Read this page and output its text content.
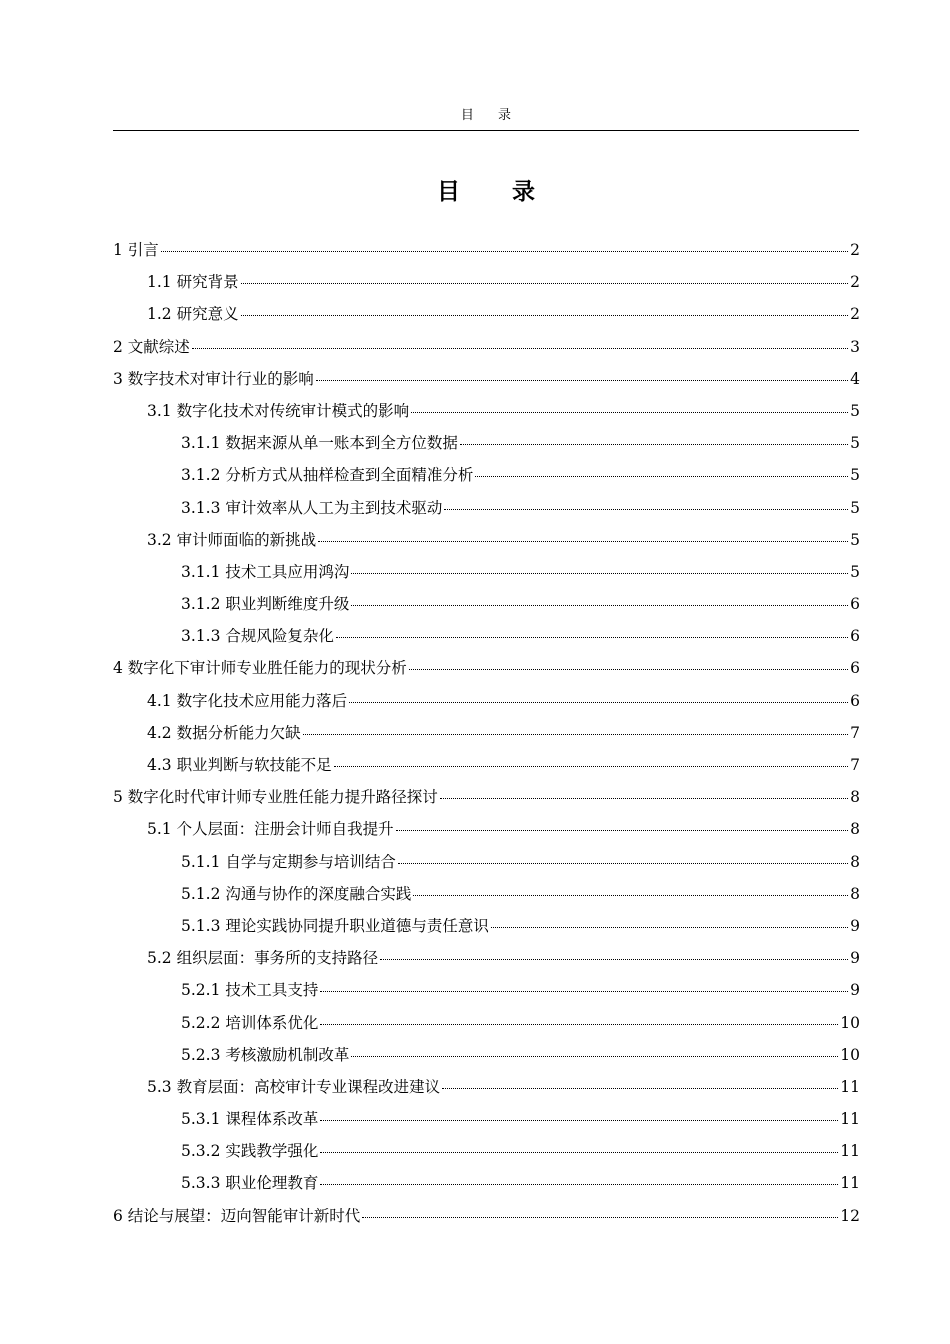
目 录
目 录
1 引言	2
1.1 研究背景	2
1.2 研究意义	2
2 文献综述	3
3 数字技术对审计行业的影响	4
3.1 数字化技术对传统审计模式的影响	5
3.1.1 数据来源从单一账本到全方位数据	5
3.1.2 分析方式从抽样检查到全面精准分析	5
3.1.3 审计效率从人工为主到技术驱动	5
3.2 审计师面临的新挑战	5
3.1.1 技术工具应用鸿沟	5
3.1.2 职业判断维度升级	6
3.1.3 合规风险复杂化	6
4 数字化下审计师专业胜任能力的现状分析	6
4.1 数字化技术应用能力落后	6
4.2 数据分析能力欠缺	7
4.3 职业判断与软技能不足	7
5 数字化时代审计师专业胜任能力提升路径探讨	8
5.1 个人层面：注册会计师自我提升	8
5.1.1 自学与定期参与培训结合	8
5.1.2 沟通与协作的深度融合实践	8
5.1.3 理论实践协同提升职业道德与责任意识	9
5.2 组织层面：事务所的支持路径	9
5.2.1 技术工具支持	9
5.2.2 培训体系优化	10
5.2.3 考核激励机制改革	10
5.3 教育层面：高校审计专业课程改进建议	11
5.3.1 课程体系改革	11
5.3.2 实践教学强化	11
5.3.3 职业伦理教育	11
6 结论与展望：迈向智能审计新时代	12
